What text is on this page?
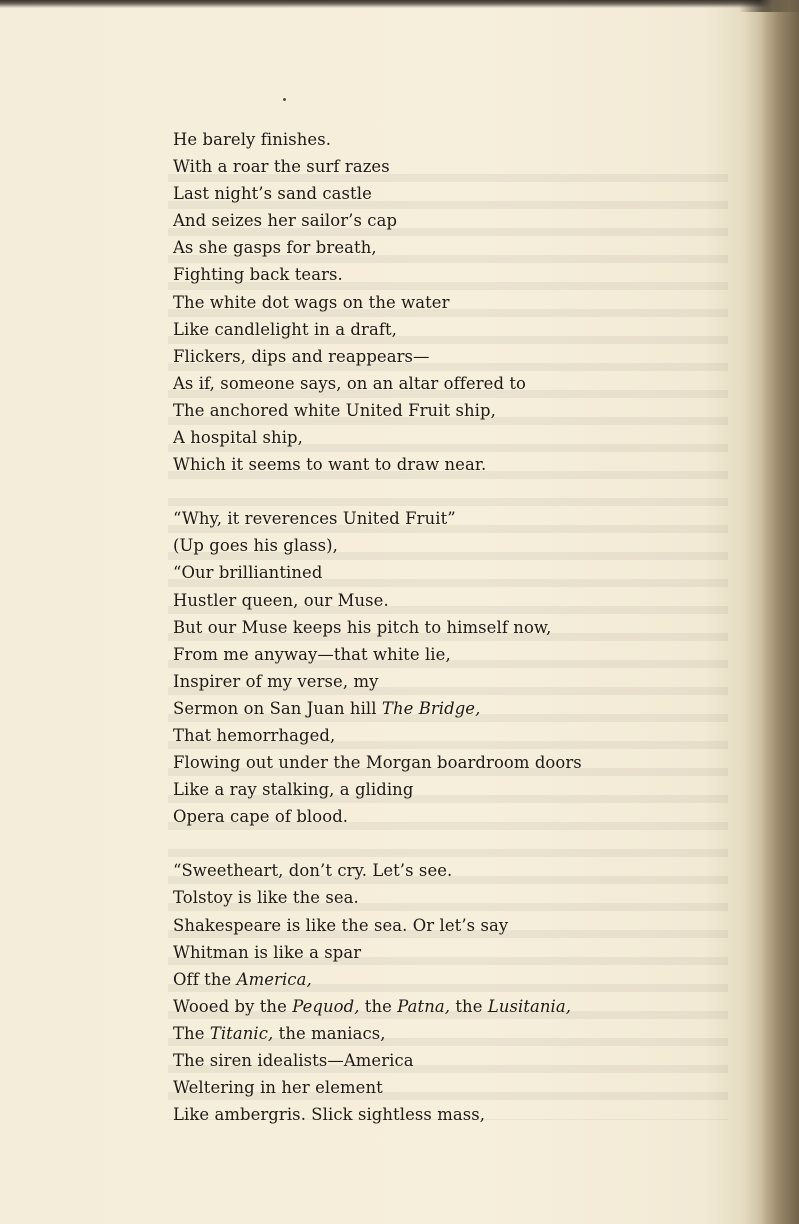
He barely finishes.
With a roar the surf razes
Last night’s sand castle
And seizes her sailor’s cap
As she gasps for breath,
Fighting back tears.
The white dot wags on the water
Like candlelight in a draft,
Flickers, dips and reappears—
As if, someone says, on an altar offered to
The anchored white United Fruit ship,
A hospital ship,
Which it seems to want to draw near.
“Why, it reverences United Fruit”
(Up goes his glass),
“Our brilliantined
Hustler queen, our Muse.
But our Muse keeps his pitch to himself now,
From me anyway—that white lie,
Inspirer of my verse, my
Sermon on San Juan hill The Bridge,
That hemorrhaged,
Flowing out under the Morgan boardroom doors
Like a ray stalking, a gliding
Opera cape of blood.
“Sweetheart, don’t cry. Let’s see.
Tolstoy is like the sea.
Shakespeare is like the sea. Or let’s say
Whitman is like a spar
Off the America,
Wooed by the Pequod, the Patna, the Lusitania,
The Titanic, the maniacs,
The siren idealists—America
Weltering in her element
Like ambergris. Slick sightless mass,
